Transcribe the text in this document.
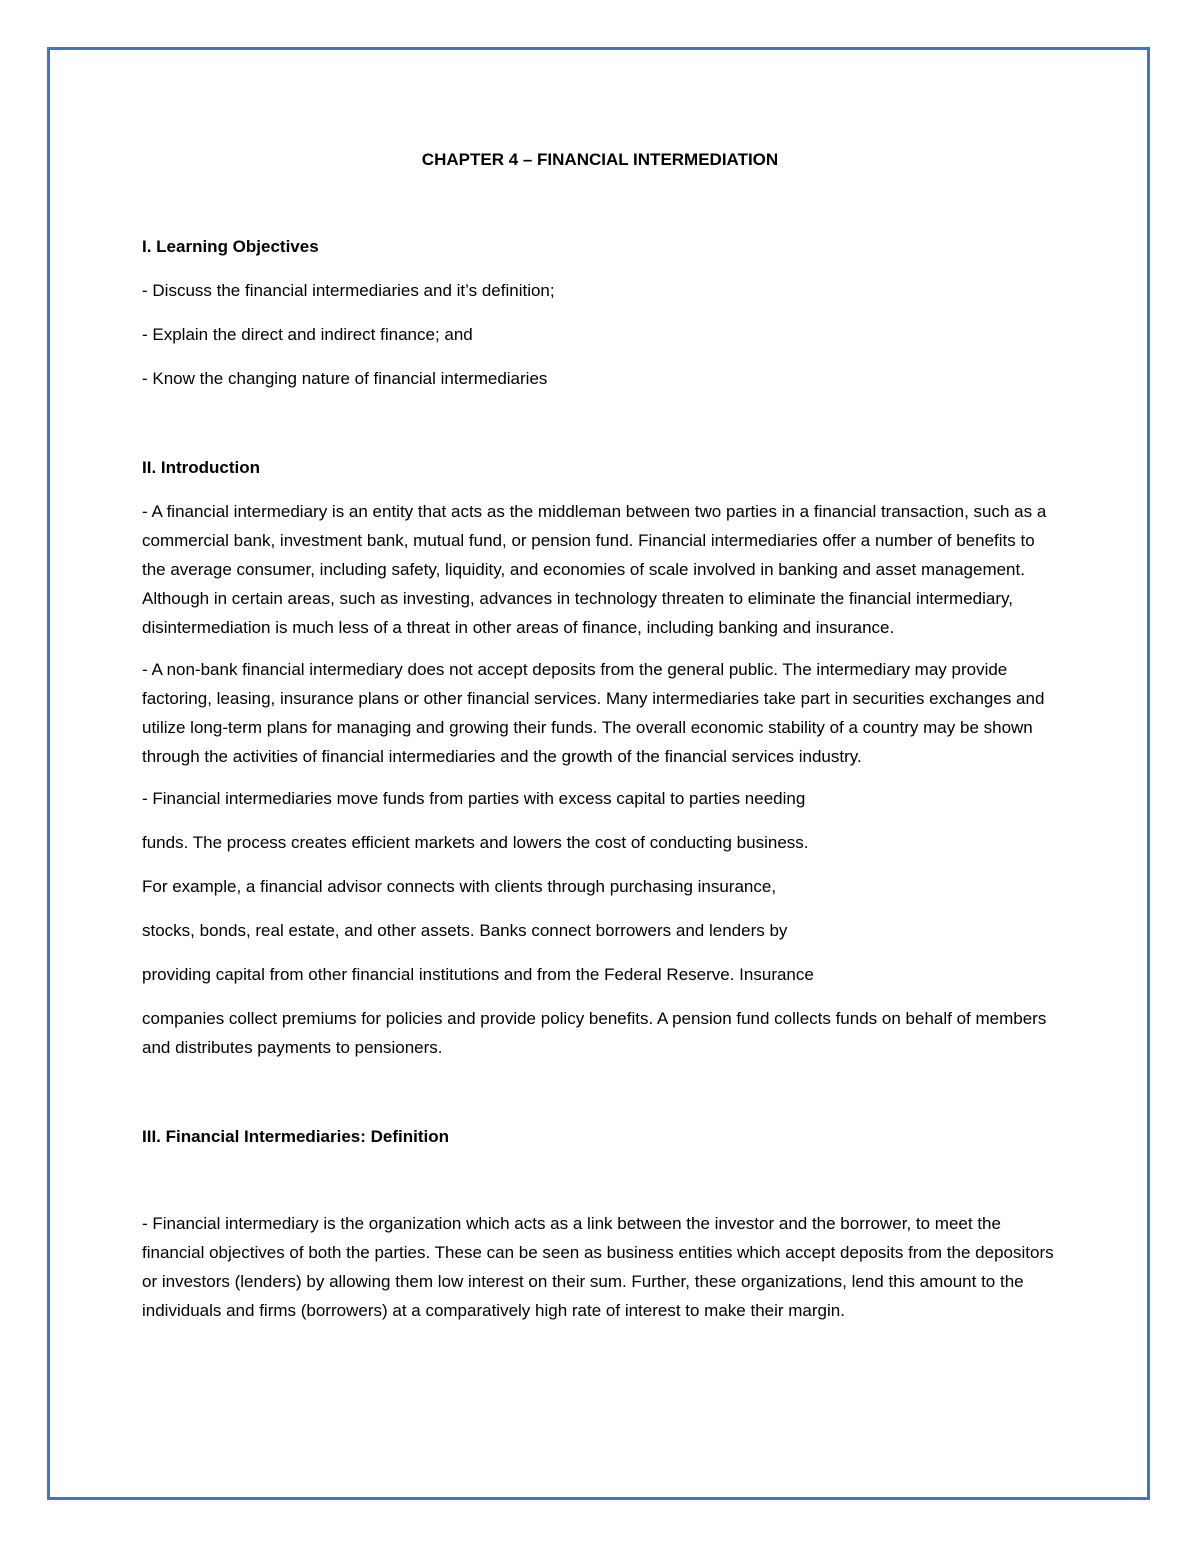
CHAPTER 4 – FINANCIAL INTERMEDIATION

I. Learning Objectives

- Discuss the financial intermediaries and it’s definition;

- Explain the direct and indirect finance; and

- Know the changing nature of financial intermediaries

II. Introduction

- A financial intermediary is an entity that acts as the middleman between two parties in a financial transaction, such as a commercial bank, investment bank, mutual fund, or pension fund. Financial intermediaries offer a number of benefits to the average consumer, including safety, liquidity, and economies of scale involved in banking and asset management. Although in certain areas, such as investing, advances in technology threaten to eliminate the financial intermediary, disintermediation is much less of a threat in other areas of finance, including banking and insurance.

- A non-bank financial intermediary does not accept deposits from the general public. The intermediary may provide factoring, leasing, insurance plans or other financial services. Many intermediaries take part in securities exchanges and utilize long-term plans for managing and growing their funds. The overall economic stability of a country may be shown through the activities of financial intermediaries and the growth of the financial services industry.

- Financial intermediaries move funds from parties with excess capital to parties needing

funds. The process creates efficient markets and lowers the cost of conducting business.

For example, a financial advisor connects with clients through purchasing insurance,

stocks, bonds, real estate, and other assets. Banks connect borrowers and lenders by

providing capital from other financial institutions and from the Federal Reserve. Insurance

companies collect premiums for policies and provide policy benefits. A pension fund collects funds on behalf of members and distributes payments to pensioners.

III. Financial Intermediaries: Definition

- Financial intermediary is the organization which acts as a link between the investor and the borrower, to meet the financial objectives of both the parties. These can be seen as business entities which accept deposits from the depositors or investors (lenders) by allowing them low interest on their sum. Further, these organizations, lend this amount to the individuals and firms (borrowers) at a comparatively high rate of interest to make their margin.
